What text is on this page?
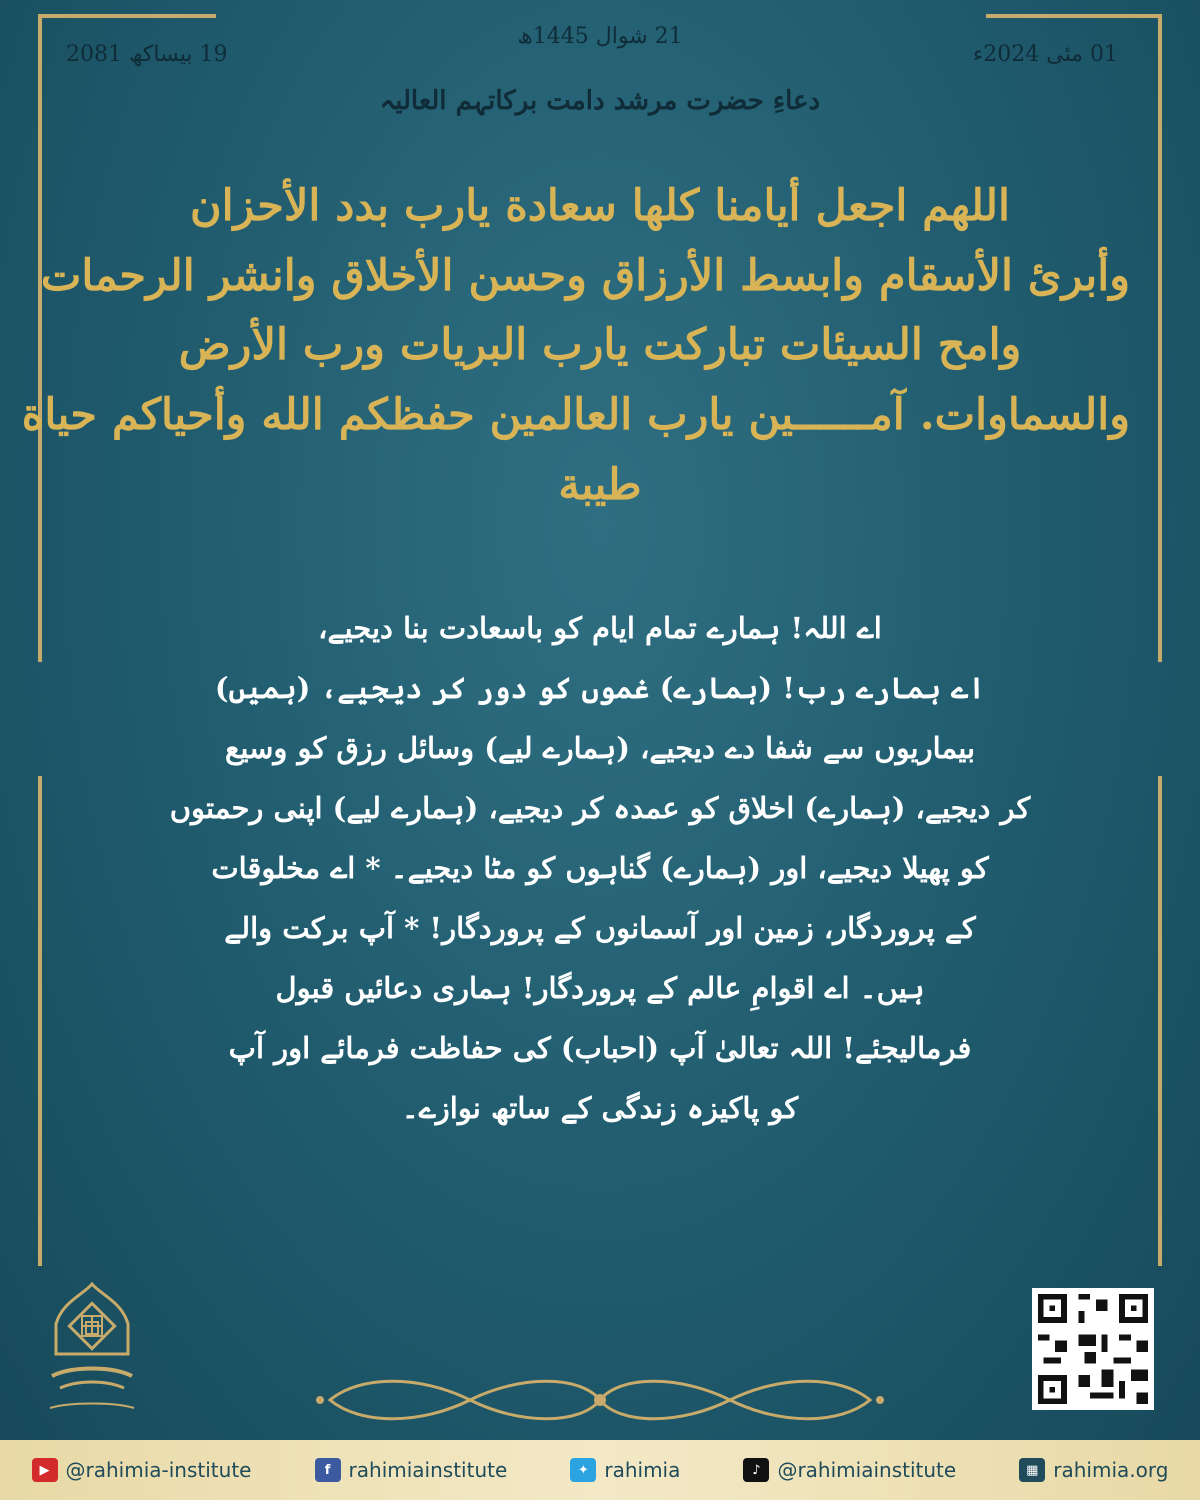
19 بیساکھ 2081
21 شوال 1445ھ
01 مئی 2024ء
دعاءِ حضرت مرشد دامت برکاتہم العالیہ
اللهم اجعل أيامنا كلها سعادة يارب بدد الأحزان
وأبرئ الأسقام وابسط الأرزاق وحسن الأخلاق وانشر الرحمات
وامح السيئات تباركت يارب البريات ورب الأرض
والسماوات. آمــــــين يارب العالمين حفظكم الله وأحياكم حياة
طيبة
اے اللہ! ہمارے تمام ایام کو باسعادت بنا دیجیے،
اے ہمارے رب! (ہمارے) غموں کو دور کر دیجیے، (ہمیں)
بیماریوں سے شفا دے دیجیے، (ہمارے لیے) وسائل رزق کو وسیع
کر دیجیے، (ہمارے) اخلاق کو عمدہ کر دیجیے، (ہمارے لیے) اپنی رحمتوں
کو پھیلا دیجیے، اور (ہمارے) گناہوں کو مٹا دیجیے۔ * اے مخلوقات
کے پروردگار، زمین اور آسمانوں کے پروردگار! * آپ برکت والے
ہیں۔ اے اقوامِ عالم کے پروردگار! ہماری دعائیں قبول
فرمالیجئے! اللہ تعالیٰ آپ (احباب) کی حفاظت فرمائے اور آپ
کو پاکیزہ زندگی کے ساتھ نوازے۔
▶ @rahimia-institute	f rahimiainstitute	✦ rahimia	♪ @rahimiainstitute	▦ rahimia.org
